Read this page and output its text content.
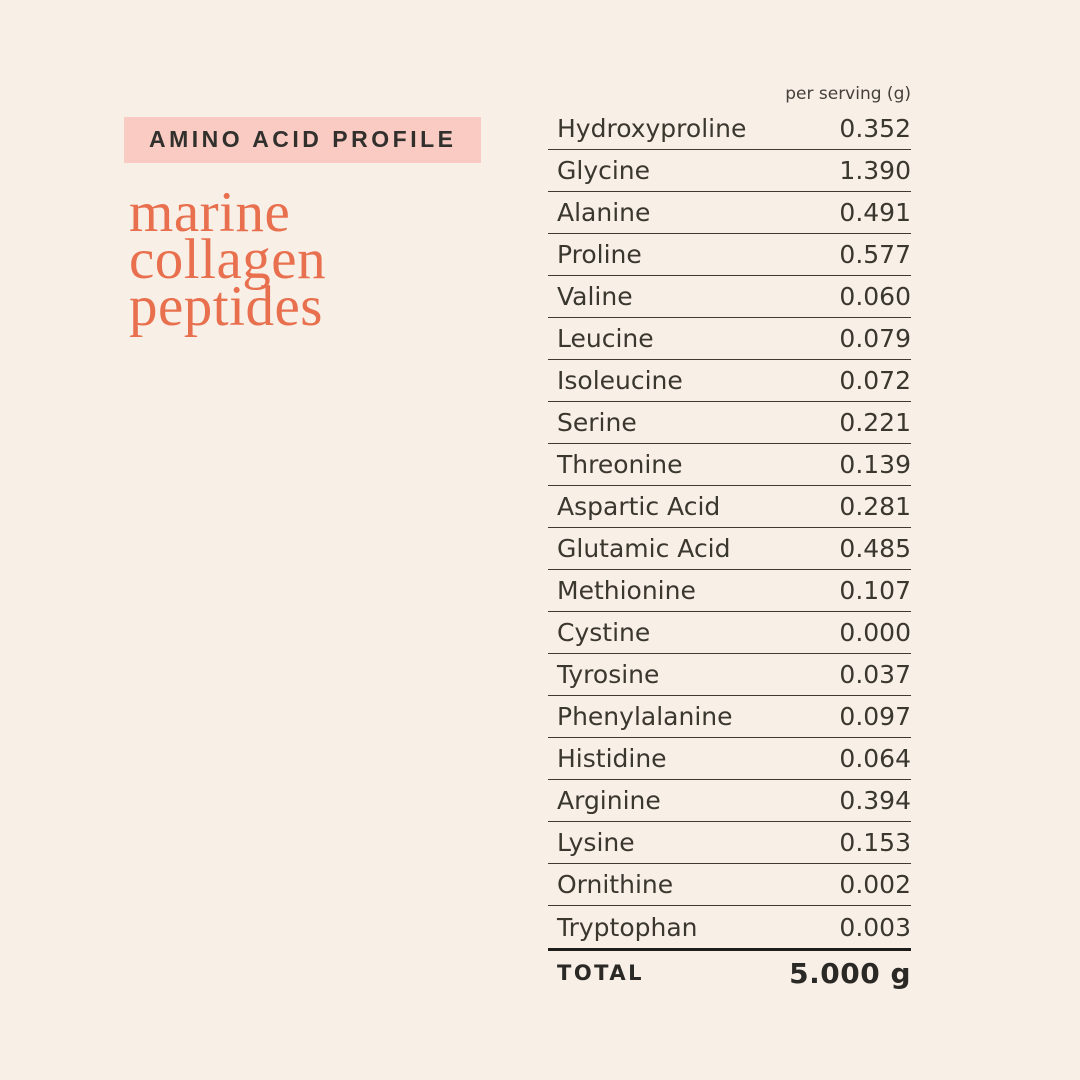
AMINO ACID PROFILE
marine
collagen
peptides
per serving (g)
Hydroxyproline	0.352
Glycine	1.390
Alanine	0.491
Proline	0.577
Valine	0.060
Leucine	0.079
Isoleucine	0.072
Serine	0.221
Threonine	0.139
Aspartic Acid	0.281
Glutamic Acid	0.485
Methionine	0.107
Cystine	0.000
Tyrosine	0.037
Phenylalanine	0.097
Histidine	0.064
Arginine	0.394
Lysine	0.153
Ornithine	0.002
Tryptophan	0.003
TOTAL	5.000 g
